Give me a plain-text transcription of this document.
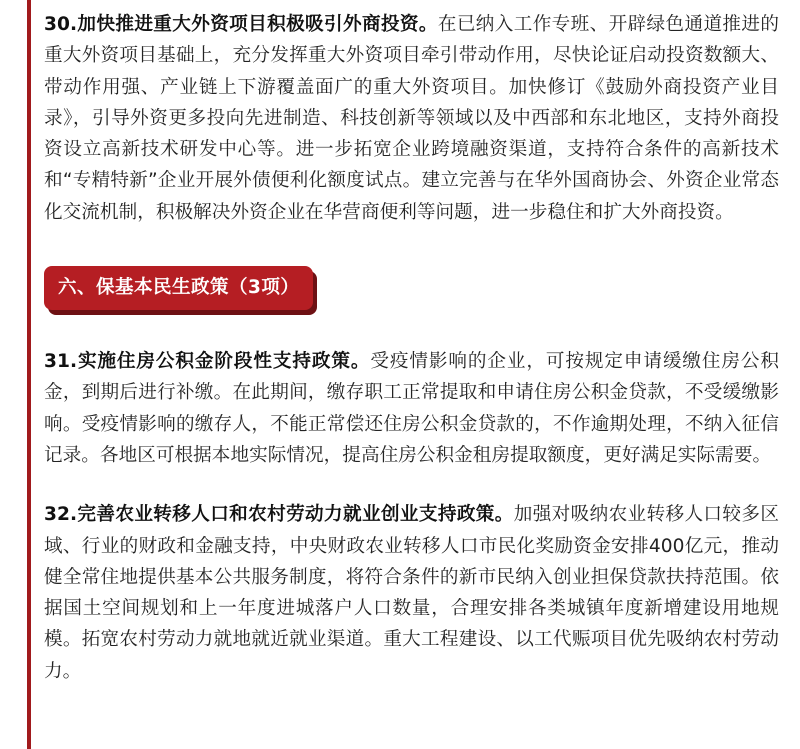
30.加快推进重大外资项目积极吸引外商投资。在已纳入工作专班、开辟绿色通道推进的重大外资项目基础上，充分发挥重大外资项目牵引带动作用，尽快论证启动投资数额大、带动作用强、产业链上下游覆盖面广的重大外资项目。加快修订《鼓励外商投资产业目录》，引导外资更多投向先进制造、科技创新等领域以及中西部和东北地区，支持外商投资设立高新技术研发中心等。进一步拓宽企业跨境融资渠道，支持符合条件的高新技术和“专精特新”企业开展外债便利化额度试点。建立完善与在华外国商协会、外资企业常态化交流机制，积极解决外资企业在华营商便利等问题，进一步稳住和扩大外商投资。

六、保基本民生政策（3项）

31.实施住房公积金阶段性支持政策。受疫情影响的企业，可按规定申请缓缴住房公积金，到期后进行补缴。在此期间，缴存职工正常提取和申请住房公积金贷款，不受缓缴影响。受疫情影响的缴存人，不能正常偿还住房公积金贷款的，不作逾期处理，不纳入征信记录。各地区可根据本地实际情况，提高住房公积金租房提取额度，更好满足实际需要。

32.完善农业转移人口和农村劳动力就业创业支持政策。加强对吸纳农业转移人口较多区域、行业的财政和金融支持，中央财政农业转移人口市民化奖励资金安排400亿元，推动健全常住地提供基本公共服务制度，将符合条件的新市民纳入创业担保贷款扶持范围。依据国土空间规划和上一年度进城落户人口数量，合理安排各类城镇年度新增建设用地规模。拓宽农村劳动力就地就近就业渠道。重大工程建设、以工代赈项目优先吸纳农村劳动力。
